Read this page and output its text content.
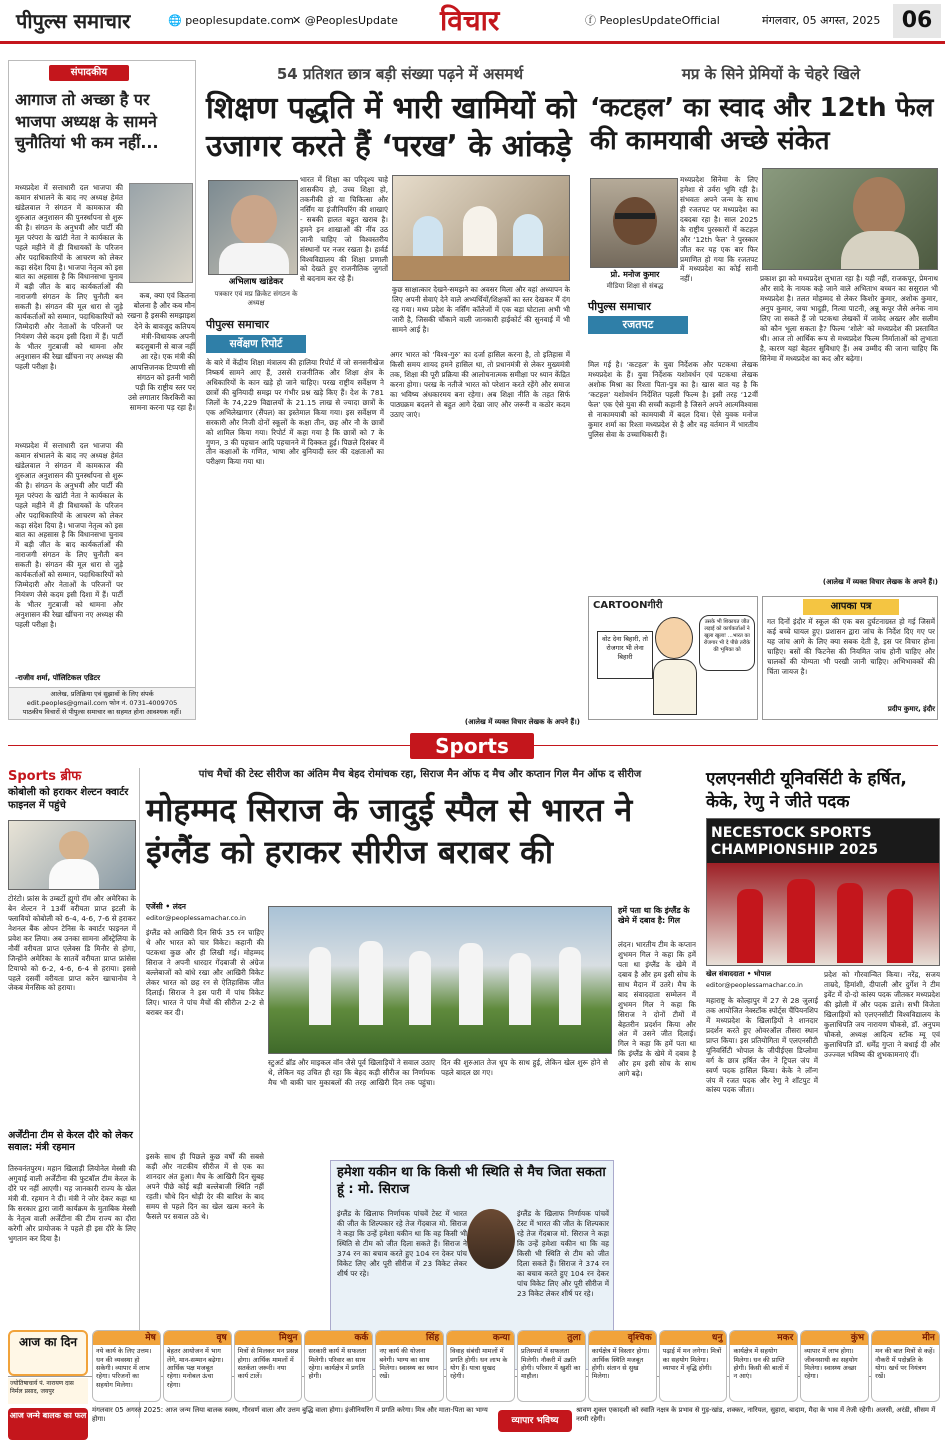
पीपुल्स समाचार	🌐 peoplesupdate.com
✕ @PeoplesUpdate विचार	ⓕ PeoplesUpdateOfficial	मंगलवार, 05 अगस्त, 2025 06
संपादकीय
आगाज तो अच्छा है पर भाजपा अध्यक्ष के सामने चुनौतियां भी कम नहीं...
मध्यप्रदेश में सत्ताधारी दल भाजपा की कमान संभालने के बाद नए अध्यक्ष हेमंत खंडेलवाल ने संगठन में कामकाज की शुरुआत अनुशासन की पुनर्स्थापना से शुरू की है। संगठन के अनुभवी और पार्टी की मूल परंपरा के खांटी नेता ने कार्यकाल के पहले महीने में ही विधायकों के परिजन और पदाधिकारियों के आचरण को लेकर कड़ा संदेश दिया है। भाजपा नेतृत्व को इस बात का अहसास है कि विधानसभा चुनाव में बड़ी जीत के बाद कार्यकर्ताओं की नाराजगी संगठन के लिए चुनौती बन सकती है। संगठन की मूल धारा से जुड़े कार्यकर्ताओं को सम्मान, पदाधिकारियों को जिम्मेदारी और नेताओं के परिजनों पर नियंत्रण जैसे कदम इसी दिशा में हैं। पार्टी के भीतर गुटबाजी को थामना और अनुशासन की रेखा खींचना नए अध्यक्ष की पहली परीक्षा है।
मध्यप्रदेश में सत्ताधारी दल भाजपा की कमान संभालने के बाद नए अध्यक्ष हेमंत खंडेलवाल ने संगठन में कामकाज की शुरुआत अनुशासन की पुनर्स्थापना से शुरू की है। संगठन के अनुभवी और पार्टी की मूल परंपरा के खांटी नेता ने कार्यकाल के पहले महीने में ही विधायकों के परिजन और पदाधिकारियों के आचरण को लेकर कड़ा संदेश दिया है। भाजपा नेतृत्व को इस बात का अहसास है कि विधानसभा चुनाव में बड़ी जीत के बाद कार्यकर्ताओं की नाराजगी संगठन के लिए चुनौती बन सकती है। संगठन की मूल धारा से जुड़े कार्यकर्ताओं को सम्मान, पदाधिकारियों को जिम्मेदारी और नेताओं के परिजनों पर नियंत्रण जैसे कदम इसी दिशा में हैं। पार्टी के भीतर गुटबाजी को थामना और अनुशासन की रेखा खींचना नए अध्यक्ष की पहली परीक्षा है।
कब, क्या एवं कितना बोलना है और कब मौन रखना है इसकी समझाइश देने के बावजूद कतिपय मंत्री-विधायक अपनी बदजुबानी से बाज नहीं आ रहे। एक मंत्री की आपत्तिजनक टिप्पणी सी संगठन को इतनी भारी पड़ी कि राष्ट्रीय स्तर पर उसे लगातार किरकिरी का सामना करना पड़ रहा है।
-राजीव शर्मा, पॉलिटिकल एडिटर
आलेख, प्रतिक्रिया एवं सुझावों के लिए संपर्क
edit.peoples@gmail.com फोन नं. 0731-4009705
पाठकीय विचारों से पीपुल्स समाचार का सहमत होना आवश्यक नहीं।
54 प्रतिशत छात्र बड़ी संख्या पढ़ने में असमर्थ
शिक्षण पद्धति में भारी खामियों को उजागर करते हैं ‘परख’ के आंकड़े
अभिलाष खांडेकर
पत्रकार एवं मप्र क्रिकेट संगठन के अध्यक्ष
पीपुल्स समाचार
सर्वेक्षण रिपोर्ट
भारत में शिक्षा का परिदृश्य चाहे शासकीय हो, उच्च शिक्षा हो, तकनीकी हो या चिकित्सा और नर्सिंग या इंजीनियरिंग की शाखाएं - सबकी हालत बहुत खराब है। हमने इन शाखाओं की नींव उठ जानी चाहिए जो विश्वस्तरीय संस्थानों पर नजर रखता है। हार्वर्ड विश्वविद्यालय की शिक्षा प्रणाली को देखते हुए राजनीतिक जुगतों से बदनाम कर रहे हैं।
कुछ साक्षात्कार देखने-समझने का अवसर मिला और वहां अध्यापन के लिए अपनी सेवाएं देने वाले अभ्यर्थियों/शिक्षकों का स्तर देखकर मैं दंग रह गया। मध्य प्रदेश के नर्सिंग कॉलेजों में एक बड़ा घोटाला अभी भी जारी है, जिसकी चौंकाने वाली जानकारी हाईकोर्ट की सुनवाई में भी सामने आई है।
के बारे में केंद्रीय शिक्षा मंत्रालय की हालिया रिपोर्ट में जो सनसनीखेज निष्कर्ष सामने आए हैं, उससे राजनीतिक और शिक्षा क्षेत्र के अधिकारियों के कान खड़े हो जाने चाहिए। परख राष्ट्रीय सर्वेक्षण ने छात्रों की बुनियादी समझ पर गंभीर प्रश्न खड़े किए हैं। देश के 781 जिलों के 74,229 विद्यालयों के 21.15 लाख से ज्यादा छात्रों के एक अभिलेखागार (सैंपल) का इस्तेमाल किया गया। इस सर्वेक्षण में सरकारी और निजी दोनों स्कूलों के कक्षा तीन, छह और नौ के छात्रों को शामिल किया गया। रिपोर्ट में कहा गया है कि छात्रों को 7 के गुणन, 3 की पहचान आदि पहचानने में दिक्कत हुई। पिछले दिसंबर में तीन कक्षाओं के गणित, भाषा और बुनियादी स्तर की दक्षताओं का परीक्षण किया गया था।
अगर भारत को ‘विश्व-गुरु’ का दर्जा हासिल करना है, तो इतिहास में किसी समय शायद हमने हासिल था, तो प्रधानमंत्री से लेकर मुख्यमंत्री तक, शिक्षा की पूरी प्रक्रिया की आलोचनात्मक समीक्षा पर ध्यान केंद्रित करना होगा। परख के नतीजे भारत को परेशान करते रहेंगे और समाज का भविष्य अंधकारमय बना रहेगा। अब शिक्षा नीति के तहत सिर्फ पाठ्यक्रम बदलने से बहुत आगे देखा जाए और जरूरी व कठोर कदम उठाए जाएं।
(आलेख में व्यक्त विचार लेखक के अपने हैं।)
मप्र के सिने प्रेमियों के चेहरे खिले
‘कटहल’ का स्वाद और 12th फेल की कामयाबी अच्छे संकेत
प्रो. मनोज कुमार
मीडिया शिक्षा से संबद्ध
पीपुल्स समाचार
रजतपट
मध्यप्रदेश सिनेमा के लिए हमेशा से उर्वरा भूमि रही है। संभवतः अपने जन्म के साथ ही रजतपट पर मध्यप्रदेश का दबदबा रहा है। साल 2025 के राष्ट्रीय पुरस्कारों में कटहल और ‘12th फेल’ ने पुरस्कार जीत कर यह एक बार फिर प्रमाणित हो गया कि रजतपट में मध्यप्रदेश का कोई सानी नहीं।	प्रकाश झा को मध्यप्रदेश लुभाता रहा है। यही नहीं, राजकपूर, प्रेमनाथ और सादे के नायक कहे जाने वाले अभिताभ बच्चन का ससुराल भी मध्यप्रदेश है। तलत मोहम्मद से लेकर किशोर कुमार, अशोक कुमार, अनुप कुमार, जया भादुड़ी, नित्या पाटनी, अन्नू कपूर जैसे अनेक नाम लिए जा सकते हैं जो पटकथा लेखकों में जावेद अख्तर और सलीम को कौन भूला सकता है? फिल्म ‘शोले’ को मध्यप्रदेश की प्रस्तावित थी। आज तो आर्थिक रूप से मध्यप्रदेश फिल्म निर्माताओं को लुभाता है, कारण यहां बेहतर सुविधाएं हैं। अब उम्मीद की जाना चाहिए कि सिनेमा में मध्यप्रदेश का कद और बढ़ेगा।
मिल गई है। ‘कटहल’ के युवा निर्देशक और पटकथा लेखक मध्यप्रदेश के हैं। युवा निर्देशक यशोवर्धन एवं पटकथा लेखक अशोक मिश्रा का रिश्ता पिता-पुत्र का है। खास बात यह है कि ‘कटहल’ यशोवर्धन निर्देशित पहली फिल्म है। इसी तरह ‘12वीं फेल’ एक ऐसे युवा की सच्ची कहानी है जिसने अपने आत्मविश्वास से नाकामयाबी को कामयाबी में बदल दिया। ऐसे युवक मनोज कुमार शर्मा का रिश्ता मध्यप्रदेश से है और वह वर्तमान में भारतीय पुलिस सेवा के उच्चाधिकारी हैं।
(आलेख में व्यक्त विचार लेखक के अपने हैं।)
CARTOONगीरी
वोट देना बिहारी, तो रोजगार भी लेना बिहारी
उसके भी शिकायत जीत लड़ाई को कार्यकर्ताओं ने खुला खुला! ...भारत का रोजगार भी दे पीछे तरीके की भूमिका को
आपका पत्र
गत दिनों इंदौर में स्कूल की एक बस दुर्घटनाग्रस्त हो गई जिसमें कई बच्चे घायल हुए। प्रशासन द्वारा जांच के निर्देश दिए गए पर यह जांच आगे के लिए क्या सबक देती है, इस पर विचार होना चाहिए। बसों की फिटनेस की नियमित जांच होनी चाहिए और चालकों की योग्यता भी परखी जानी चाहिए। अभिभावकों की चिंता जायज है।
प्रदीप कुमार, इंदौर
Sports
Sports ब्रीफ
कोबोली को हराकर शेल्टन क्वार्टर फाइनल में पहुंचे
टोरंटो। फ्रांस के उम्बर्टो ह्यूगो रॉम और अमेरिका के बेन शेल्टन ने 13वीं वरीयता प्राप्त इटली के फ्लावियो कोबोली को 6-4, 4-6, 7-6 से हराकर नेशनल बैंक ओपन टेनिस के क्वार्टर फाइनल में प्रवेश कर लिया। अब उनका सामना ऑस्ट्रेलिया के नौवीं वरीयता प्राप्त एलेक्स डि मिनौर से होगा, जिन्होंने अमेरिका के सातवें वरीयता प्राप्त फ्रांसेस टियाफो को 6-2, 4-6, 6-4 से हराया। इससे पहले दसवीं वरीयता प्राप्त करेन खाचानोव ने जेकब मेनसिक को हराया।
अर्जेंटीना टीम से केरल दौरे को लेकर सवाल: मंत्री रहमान
तिरुवनंतपुरम। महान खिलाड़ी लियोनेल मेस्सी की अगुवाई वाली अर्जेंटीना की फुटबॉल टीम केरल के दौरे पर नहीं आएगी। यह जानकारी राज्य के खेल मंत्री वी. रहमान ने दी। मंत्री ने जोर देकर कहा था कि सरकार द्वारा जारी कार्यक्रम के मुताबिक मेस्सी के नेतृत्व वाली अर्जेंटीना की टीम राज्य का दौरा करेगी और प्रायोजक ने पहले ही इस दौरे के लिए भुगतान कर दिया है।
पांच मैचों की टेस्ट सीरीज का अंतिम मैच बेहद रोमांचक रहा, सिराज मैन ऑफ द मैच और कप्तान गिल मैन ऑफ द सीरीज
मोहम्मद सिराज के जादुई स्पैल से भारत ने इंग्लैंड को हराकर सीरीज बराबर की
एजेंसी • लंदन
editor@peoplessamachar.co.in
इंग्लैंड को आखिरी दिन सिर्फ 35 रन चाहिए थे और भारत को चार विकेट। कहानी की पटकथा कुछ और ही लिखी गई। मोहम्मद सिराज ने अपनी धारदार गेंदबाजी से अंग्रेज बल्लेबाजों को बांधे रखा और आखिरी विकेट लेकर भारत को छह रन से ऐतिहासिक जीत दिलाई। सिराज ने इस पारी में पांच विकेट लिए। भारत ने पांच मैचों की सीरीज 2-2 से बराबर कर दी।
इसके साथ ही पिछले कुछ वर्षों की सबसे कड़ी और नाटकीय सीरीज में से एक का शानदार अंत हुआ। मैच के आखिरी दिन सुबह अपने पीछे कोई बड़ी बल्लेबाजी स्थिति नहीं रहती। चौथे दिन थोड़ी देर की बारिश के बाद समय से पहले दिन का खेल खत्म करने के फैसले पर सवाल उठे थे।
स्टुअर्ट ब्रॉड और माइकल वॉन जैसे पूर्व खिलाड़ियों ने सवाल उठाए थे, लेकिन यह उचित ही रहा कि बेहद कड़ी सीरीज का निर्णायक मैच भी बाकी चार मुकाबलों की तरह आखिरी दिन तक पहुंचा। दिन की शुरुआत तेज धूप के साथ हुई, लेकिन खेल शुरू होने से पहले बादल छा गए।
हमेशा यकीन था कि किसी भी स्थिति से मैच जिता सकता हूं : मो. सिराज
इंग्लैंड के खिलाफ निर्णायक पांचवें टेस्ट में भारत की जीत के शिल्पकार रहे तेज गेंदबाज मो. सिराज ने कहा कि उन्हें हमेशा यकीन था कि वह किसी भी स्थिति से टीम को जीत दिला सकते हैं। सिराज ने 374 रन का बचाव करते हुए 104 रन देकर पांच विकेट लिए और पूरी सीरीज में 23 विकेट लेकर शीर्ष पर रहे।
इंग्लैंड के खिलाफ निर्णायक पांचवें टेस्ट में भारत की जीत के शिल्पकार रहे तेज गेंदबाज मो. सिराज ने कहा कि उन्हें हमेशा यकीन था कि वह किसी भी स्थिति से टीम को जीत दिला सकते हैं। सिराज ने 374 रन का बचाव करते हुए 104 रन देकर पांच विकेट लिए और पूरी सीरीज में 23 विकेट लेकर शीर्ष पर रहे।
हमें पता था कि इंग्लैंड के खेमे में दबाव है: गिल
लंदन। भारतीय टीम के कप्तान शुभमन गिल ने कहा कि हमें पता था इंग्लैंड के खेमे में दबाव है और हम इसी सोच के साथ मैदान में उतरे। मैच के बाद संवाददाता सम्मेलन में शुभमन गिल ने कहा कि सिराज ने दोनों टीमों में बेहतरीन प्रदर्शन किया और अंत में उसने जीत दिलाई। गिल ने कहा कि हमें पता था कि इंग्लैंड के खेमे में दबाव है और हम इसी सोच के साथ आगे बढ़े।
एलएनसीटी यूनिवर्सिटी के हर्षित, केके, रेणु ने जीते पदक
NECESTOCK SPORTS CHAMPIONSHIP 2025
खेल संवाददाता • भोपाल
editor@peoplessamachar.co.in
महाराष्ट्र के कोल्हापुर में 27 से 28 जुलाई तक आयोजित नेक्स्टॉक स्पोर्ट्स चैंपियनशिप में मध्यप्रदेश के खिलाड़ियों ने शानदार प्रदर्शन करते हुए ओवरऑल तीसरा स्थान प्राप्त किया। इस प्रतियोगिता में एलएनसीटी यूनिवर्सिटी भोपाल के जीपीईएस डिप्लोमा वर्ग के छात्र हर्षित जैन ने ट्रिपल जंप में स्वर्ण पदक हासिल किया। केके ने लॉन्ग जंप में रजत पदक और रेणु ने शॉटपुट में कांस्य पदक जीता।
प्रदेश को गौरवान्वित किया। नरेंद्र, सजय ताम्रदे, हिमांशी, दीपाली और दुर्गेश ने टीम इवेंट में दो-दो कांस्य पदक जीतकर मध्यप्रदेश की झोली में और पदक डाले। सभी विजेता खिलाड़ियों को एलएनसीटी विश्वविद्यालय के कुलाधिपति जय नारायण चौकसे, डॉ. अनुपम चौकसे, अध्यक्ष आदित्य स्टॉक म्यू एवं कुलाधिपति डॉ. धर्मेंद्र गुप्ता ने बधाई दी और उज्ज्वल भविष्य की शुभकामनाएं दीं।
आज का दिन
ज्योतिषाचार्य पं. नारायण दास निर्मल प्रसाद, जयपुर
मेष
नये कार्य के लिए उत्तम। धन की व्यवस्था हो सकेगी। व्यापार में लाभ रहेगा। परिजनों का सहयोग मिलेगा।
वृष
बेहतर आयोजन में भाग लेंगे, मान-सम्मान बढ़ेगा। आर्थिक पक्ष मजबूत रहेगा। मनोबल ऊंचा रहेगा।
मिथुन
मित्रों से मिलकर मन प्रसन्न होगा। आर्थिक मामलों में सतर्कता जरूरी। नया कार्य टालें।
कर्क
सरकारी कार्य में सफलता मिलेगी। परिवार का साथ रहेगा। कार्यक्षेत्र में प्रगति होगी।
सिंह
नए कार्य की योजना बनेगी। भाग्य का साथ मिलेगा। स्वास्थ्य का ध्यान रखें।
कन्या
विवाह संबंधी मामलों में प्रगति होगी। धन लाभ के योग हैं। यात्रा सुखद रहेगी।
तुला
प्रतिस्पर्धा में सफलता मिलेगी। नौकरी में उन्नति होगी। परिवार में खुशी का माहौल।
वृश्चिक
कार्यक्षेत्र में विस्तार होगा। आर्थिक स्थिति मजबूत होगी। संतान से सुख मिलेगा।
धनु
पढ़ाई में मन लगेगा। मित्रों का सहयोग मिलेगा। व्यापार में वृद्धि होगी।
मकर
कार्यक्षेत्र में सहयोग मिलेगा। धन की प्राप्ति होगी। किसी की बातों में न आएं।
कुंभ
व्यापार में लाभ होगा। जीवनसाथी का सहयोग मिलेगा। स्वास्थ्य अच्छा रहेगा।
मीन
मन की बात मित्रों से कहें। नौकरी में पदोन्नति के योग। खर्च पर नियंत्रण रखें।
आज जन्मे बालक का फल
मंगलवार 05 अगस्त 2025: आज जन्म लिया बालक स्वस्थ, गौरवर्ण वाला और उत्तम बुद्धि वाला होगा। इंजीनियरिंग में प्रगति करेगा। मित्र और माता-पिता का भाग्य होगा।	व्यापार भविष्य
श्रावण शुक्ल एकादशी को स्वाति नक्षत्र के प्रभाव से गुड़-खांड, शक्कर, नारियल, सुहारा, बादाम, मैदा के भाव में तेजी रहेगी। अलसी, अरंडी, सीसम में नरमी रहेगी।
